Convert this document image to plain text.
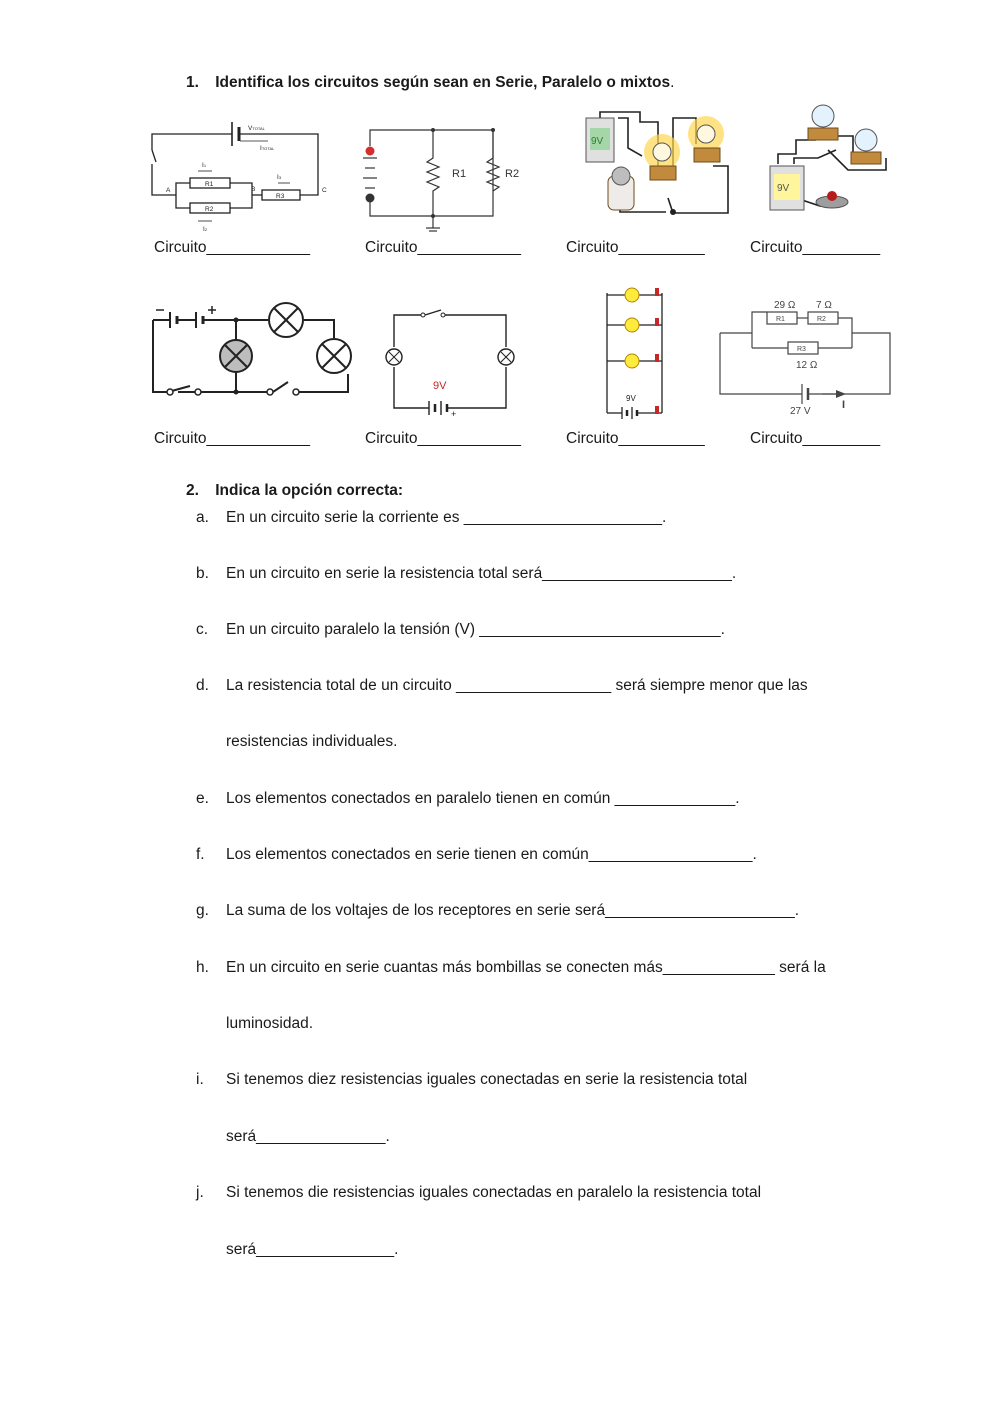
1. Identifica los circuitos según sean en Serie, Paralelo o mixtos.
VTOTAL
ITOTAL
I1
I3
I2
R1
R2
R3
A	B	C
R1	R2
9V
9V
Circuito____________	Circuito____________	Circuito__________	Circuito_________
9V
+
9V
29 Ω 7 Ω
R1	R2
R3
12 Ω
27 V
I
Circuito____________	Circuito____________	Circuito__________	Circuito_________
2. Indica la opción correcta:
a. En un circuito serie la corriente es _______________________.
b. En un circuito en serie la resistencia total será______________________.
c. En un circuito paralelo la tensión (V) ____________________________.
d. La resistencia total de un circuito __________________ será siempre menor que las
resistencias individuales.
e. Los elementos conectados en paralelo tienen en común ______________.
f. Los elementos conectados en serie tienen en común___________________.
g. La suma de los voltajes de los receptores en serie será______________________.
h. En un circuito en serie cuantas más bombillas se conecten más_____________ será la
luminosidad.
i. Si tenemos diez resistencias iguales conectadas en serie la resistencia total
será_______________.
j. Si tenemos die resistencias iguales conectadas en paralelo la resistencia total
será________________.
